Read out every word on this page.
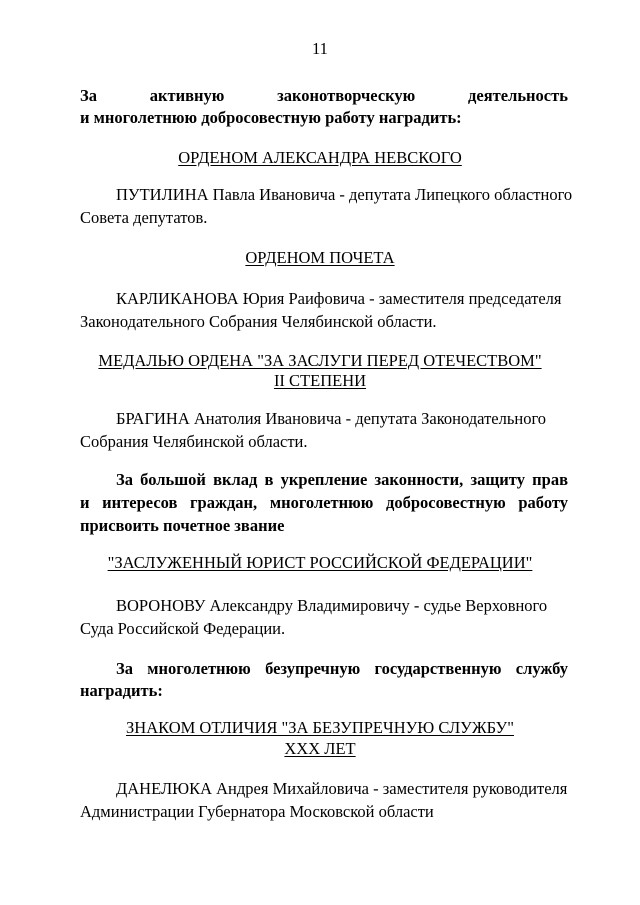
11
За	активную	законотворческую	деятельность
и многолетнюю добросовестную работу наградить:
ОРДЕНОМ АЛЕКСАНДРА НЕВСКОГО
ПУТИЛИНА Павла Ивановича - депутата Липецкого областного
Совета депутатов.
ОРДЕНОМ ПОЧЕТА
КАРЛИКАНОВА Юрия Раифовича - заместителя председателя
Законодательного Собрания Челябинской области.
МЕДАЛЬЮ ОРДЕНА "ЗА ЗАСЛУГИ ПЕРЕД ОТЕЧЕСТВОМ"
II СТЕПЕНИ
БРАГИНА Анатолия Ивановича - депутата Законодательного
Собрания Челябинской области.
За большой вклад в укрепление законности, защиту прав
и интересов граждан, многолетнюю добросовестную работу
присвоить почетное звание
"ЗАСЛУЖЕННЫЙ ЮРИСТ РОССИЙСКОЙ ФЕДЕРАЦИИ"
ВОРОНОВУ Александру Владимировичу - судье Верховного
Суда Российской Федерации.
За многолетнюю безупречную государственную службу
наградить:
ЗНАКОМ ОТЛИЧИЯ "ЗА БЕЗУПРЕЧНУЮ СЛУЖБУ"
XXX ЛЕТ
ДАНЕЛЮКА Андрея Михайловича - заместителя руководителя
Администрации Губернатора Московской области
